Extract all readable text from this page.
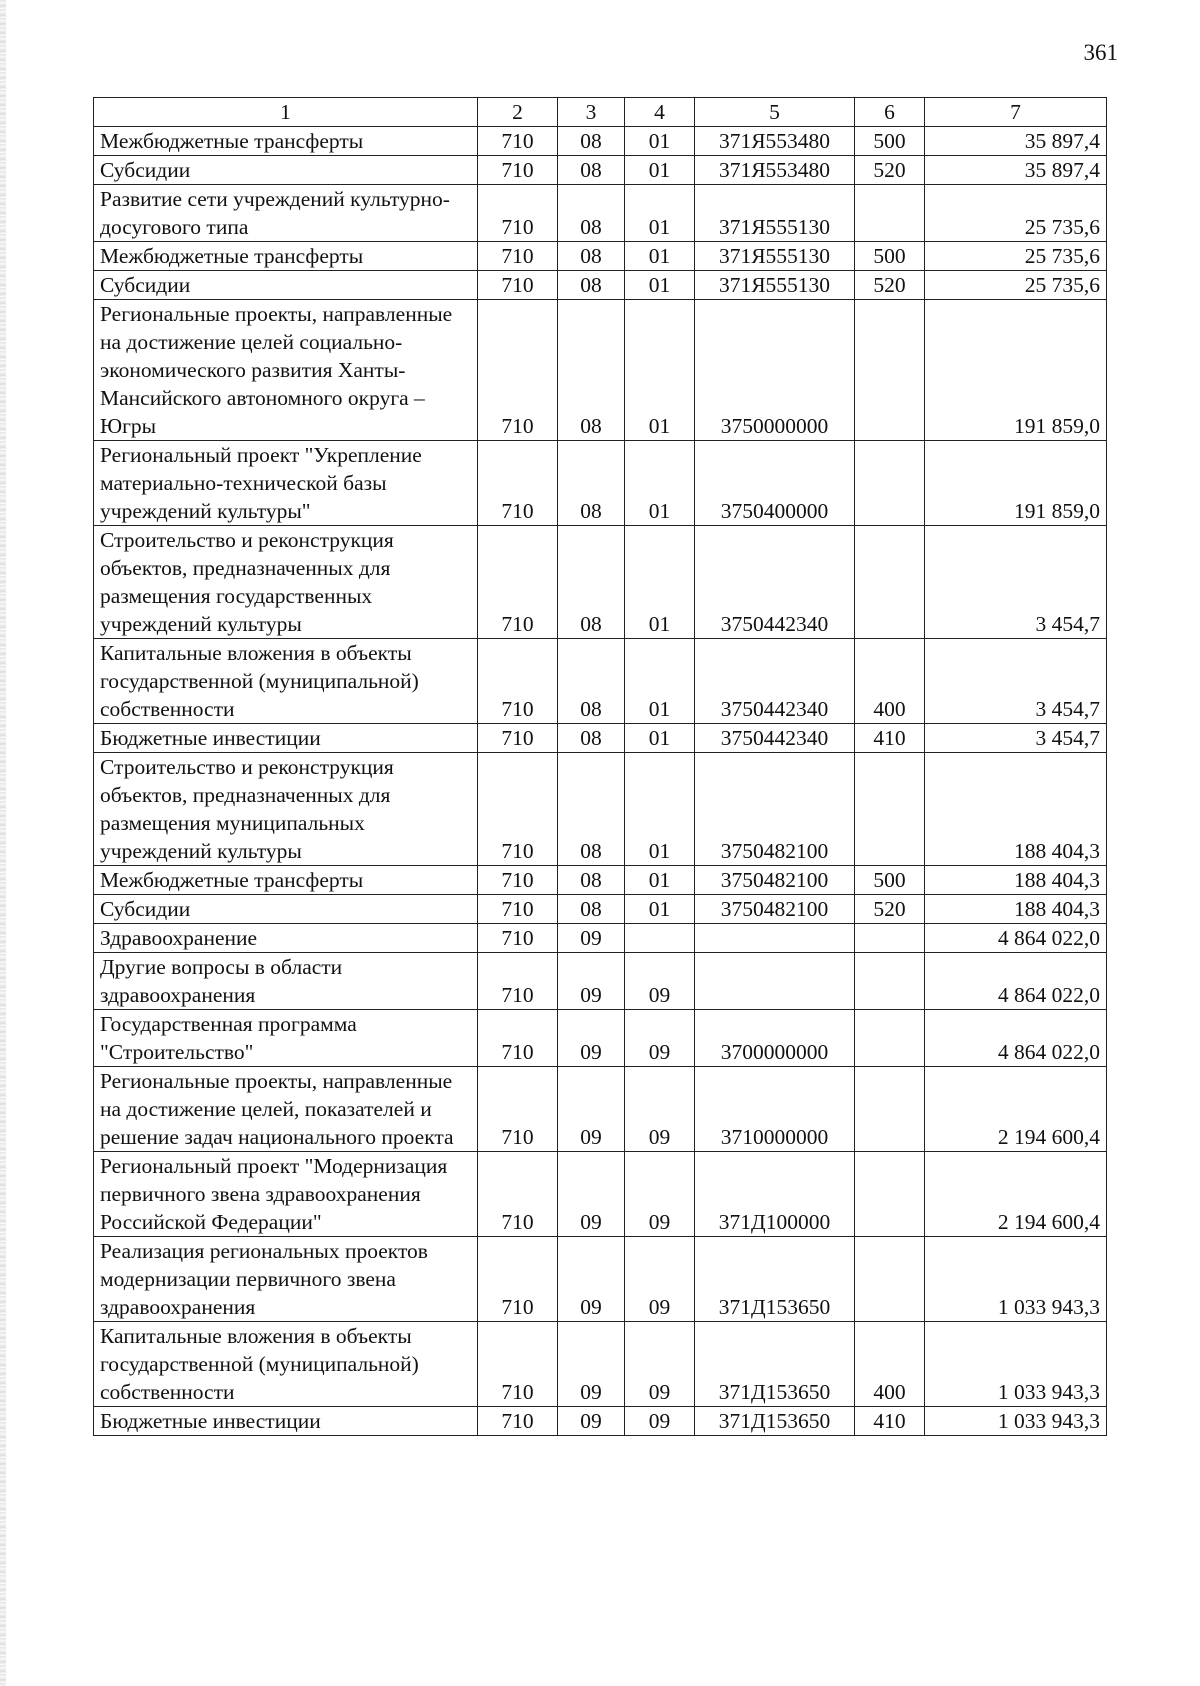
361
1	2	3	4	5	6	7
Межбюджетные трансферты	710	08	01	371Я553480	500	35 897,4
Субсидии	710	08	01	371Я553480	520	35 897,4
Развитие сети учреждений культурно-досугового типа	710	08	01	371Я555130		25 735,6
Межбюджетные трансферты	710	08	01	371Я555130	500	25 735,6
Субсидии	710	08	01	371Я555130	520	25 735,6
Региональные проекты, направленные на достижение целей социально-экономического развития Ханты-Мансийского автономного округа – Югры	710	08	01	3750000000		191 859,0
Региональный проект "Укрепление материально-технической базы учреждений культуры"	710	08	01	3750400000		191 859,0
Строительство и реконструкция объектов, предназначенных для размещения государственных учреждений культуры	710	08	01	3750442340		3 454,7
Капитальные вложения в объекты государственной (муниципальной) собственности	710	08	01	3750442340	400	3 454,7
Бюджетные инвестиции	710	08	01	3750442340	410	3 454,7
Строительство и реконструкция объектов, предназначенных для размещения муниципальных учреждений культуры	710	08	01	3750482100		188 404,3
Межбюджетные трансферты	710	08	01	3750482100	500	188 404,3
Субсидии	710	08	01	3750482100	520	188 404,3
Здравоохранение	710	09				4 864 022,0
Другие вопросы в области здравоохранения	710	09	09			4 864 022,0
Государственная программа "Строительство"	710	09	09	3700000000		4 864 022,0
Региональные проекты, направленные на достижение целей, показателей и решение задач национального проекта	710	09	09	3710000000		2 194 600,4
Региональный проект "Модернизация первичного звена здравоохранения Российской Федерации"	710	09	09	371Д100000		2 194 600,4
Реализация региональных проектов модернизации первичного звена здравоохранения	710	09	09	371Д153650		1 033 943,3
Капитальные вложения в объекты государственной (муниципальной) собственности	710	09	09	371Д153650	400	1 033 943,3
Бюджетные инвестиции	710	09	09	371Д153650	410	1 033 943,3
